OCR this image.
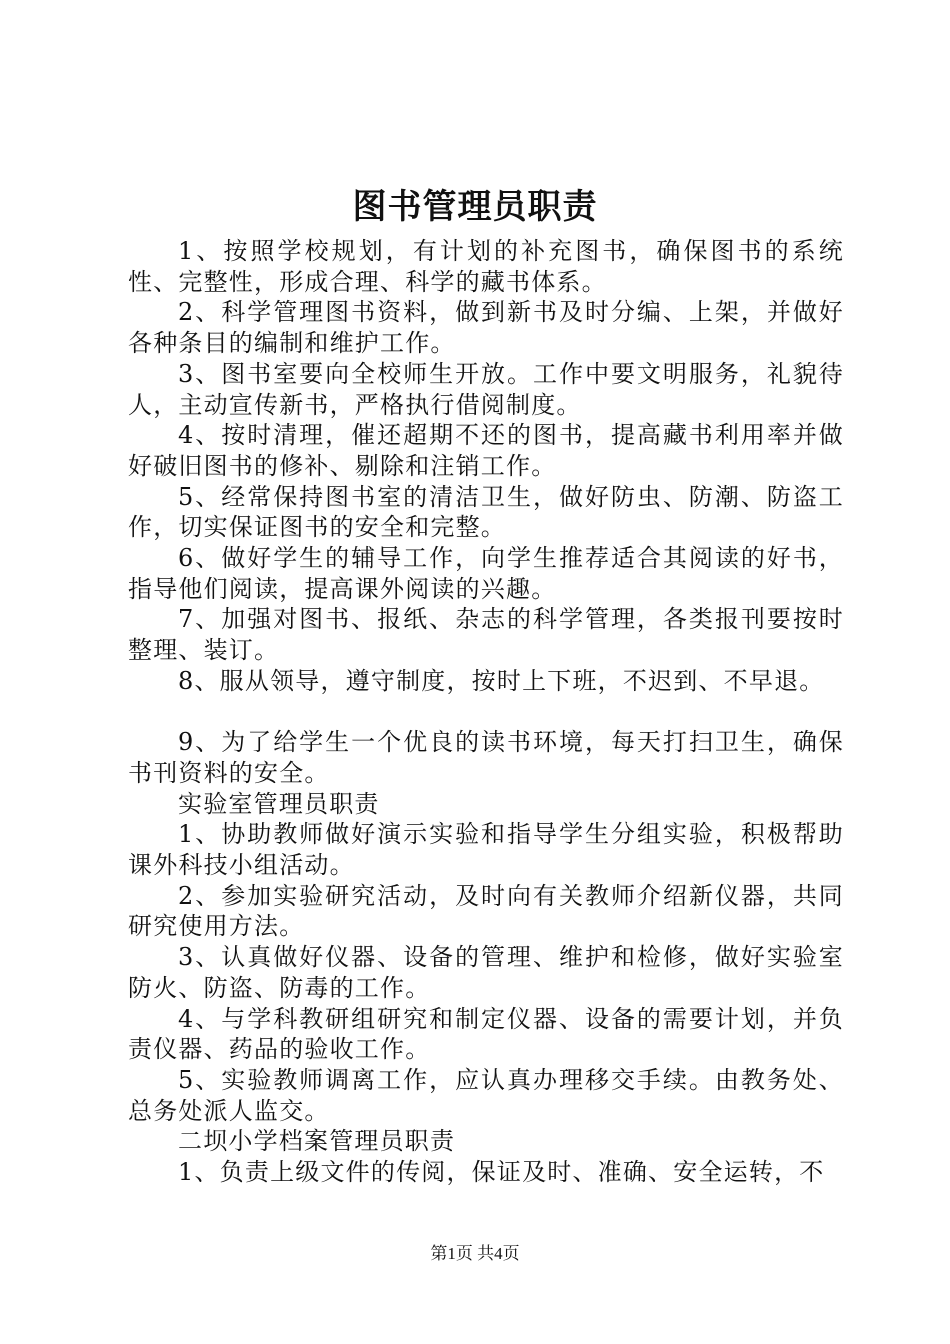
图书管理员职责

1、按照学校规划，有计划的补充图书，确保图书的系统性、完整性，形成合理、科学的藏书体系。

2、科学管理图书资料，做到新书及时分编、上架，并做好各种条目的编制和维护工作。

3、图书室要向全校师生开放。工作中要文明服务，礼貌待人，主动宣传新书，严格执行借阅制度。

4、按时清理，催还超期不还的图书，提高藏书利用率并做好破旧图书的修补、剔除和注销工作。

5、经常保持图书室的清洁卫生，做好防虫、防潮、防盗工作，切实保证图书的安全和完整。

6、做好学生的辅导工作，向学生推荐适合其阅读的好书，指导他们阅读，提高课外阅读的兴趣。

7、加强对图书、报纸、杂志的科学管理，各类报刊要按时整理、装订。

8、服从领导，遵守制度，按时上下班，不迟到、不早退。

9、为了给学生一个优良的读书环境，每天打扫卫生，确保书刊资料的安全。

实验室管理员职责

1、协助教师做好演示实验和指导学生分组实验，积极帮助课外科技小组活动。

2、参加实验研究活动，及时向有关教师介绍新仪器，共同研究使用方法。

3、认真做好仪器、设备的管理、维护和检修，做好实验室防火、防盗、防毒的工作。

4、与学科教研组研究和制定仪器、设备的需要计划，并负责仪器、药品的验收工作。

5、实验教师调离工作，应认真办理移交手续。由教务处、总务处派人监交。

二坝小学档案管理员职责

1、负责上级文件的传阅，保证及时、准确、安全运转，不

第1页 共4页
